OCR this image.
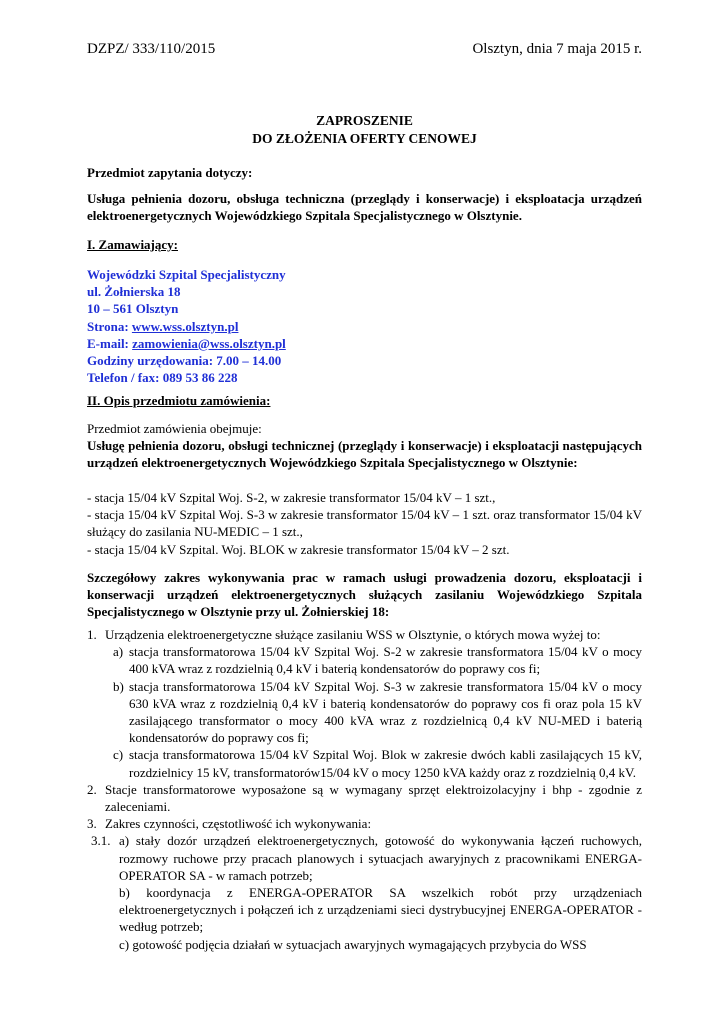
DZPZ/ 333/110/2015	Olsztyn, dnia 7 maja 2015 r.
ZAPROSZENIE
DO ZŁOŻENIA OFERTY CENOWEJ
Przedmiot zapytania dotyczy:
Usługa pełnienia dozoru, obsługa techniczna (przeglądy i konserwacje) i eksploatacja urządzeń elektroenergetycznych Wojewódzkiego Szpitala Specjalistycznego w Olsztynie.
I. Zamawiający:
Wojewódzki Szpital Specjalistyczny
ul. Żołnierska 18
10 – 561 Olsztyn
Strona: www.wss.olsztyn.pl
E-mail: zamowienia@wss.olsztyn.pl
Godziny urzędowania: 7.00 – 14.00
Telefon / fax: 089 53 86 228
II. Opis przedmiotu zamówienia:
Przedmiot zamówienia obejmuje:
Usługę pełnienia dozoru, obsługi technicznej (przeglądy i konserwacje) i eksploatacji następujących urządzeń elektroenergetycznych Wojewódzkiego Szpitala Specjalistycznego w Olsztynie:
- stacja 15/04 kV Szpital Woj. S-2, w zakresie transformator 15/04 kV – 1 szt.,
- stacja 15/04 kV Szpital Woj. S-3 w zakresie transformator 15/04 kV – 1 szt. oraz transformator 15/04 kV służący do zasilania NU-MEDIC – 1 szt.,
- stacja 15/04 kV Szpital. Woj. BLOK w zakresie transformator 15/04 kV – 2 szt.
Szczegółowy zakres wykonywania prac w ramach usługi prowadzenia dozoru, eksploatacji i konserwacji urządzeń elektroenergetycznych służących zasilaniu Wojewódzkiego Szpitala Specjalistycznego w Olsztynie przy ul. Żołnierskiej 18:
1. Urządzenia elektroenergetyczne służące zasilaniu WSS w Olsztynie, o których mowa wyżej to:
a) stacja transformatorowa 15/04 kV Szpital Woj. S-2 w zakresie transformatora 15/04 kV o mocy 400 kVA wraz z rozdzielnią 0,4 kV i baterią kondensatorów do poprawy cos fi;
b) stacja transformatorowa 15/04 kV Szpital Woj. S-3 w zakresie transformatora 15/04 kV o mocy 630 kVA wraz z rozdzielnią 0,4 kV i baterią kondensatorów do poprawy cos fi oraz pola 15 kV zasilającego transformator o mocy 400 kVA wraz z rozdzielnicą 0,4 kV NU-MED i baterią kondensatorów do poprawy cos fi;
c) stacja transformatorowa 15/04 kV Szpital Woj. Blok w zakresie dwóch kabli zasilających 15 kV, rozdzielnicy 15 kV, transformatorów15/04 kV o mocy 1250 kVA każdy oraz z rozdzielnią 0,4 kV.
2. Stacje transformatorowe wyposażone są w wymagany sprzęt elektroizolacyjny i bhp - zgodnie z zaleceniami.
3. Zakres czynności, częstotliwość ich wykonywania:
3.1. a) stały dozór urządzeń elektroenergetycznych, gotowość do wykonywania łączeń ruchowych, rozmowy ruchowe przy pracach planowych i sytuacjach awaryjnych z pracownikami ENERGA-OPERATOR SA - w ramach potrzeb;
b) koordynacja z ENERGA-OPERATOR SA wszelkich robót przy urządzeniach elektroenergetycznych i połączeń ich z urządzeniami sieci dystrybucyjnej ENERGA-OPERATOR - według potrzeb;
c) gotowość podjęcia działań w sytuacjach awaryjnych wymagających przybycia do WSS
